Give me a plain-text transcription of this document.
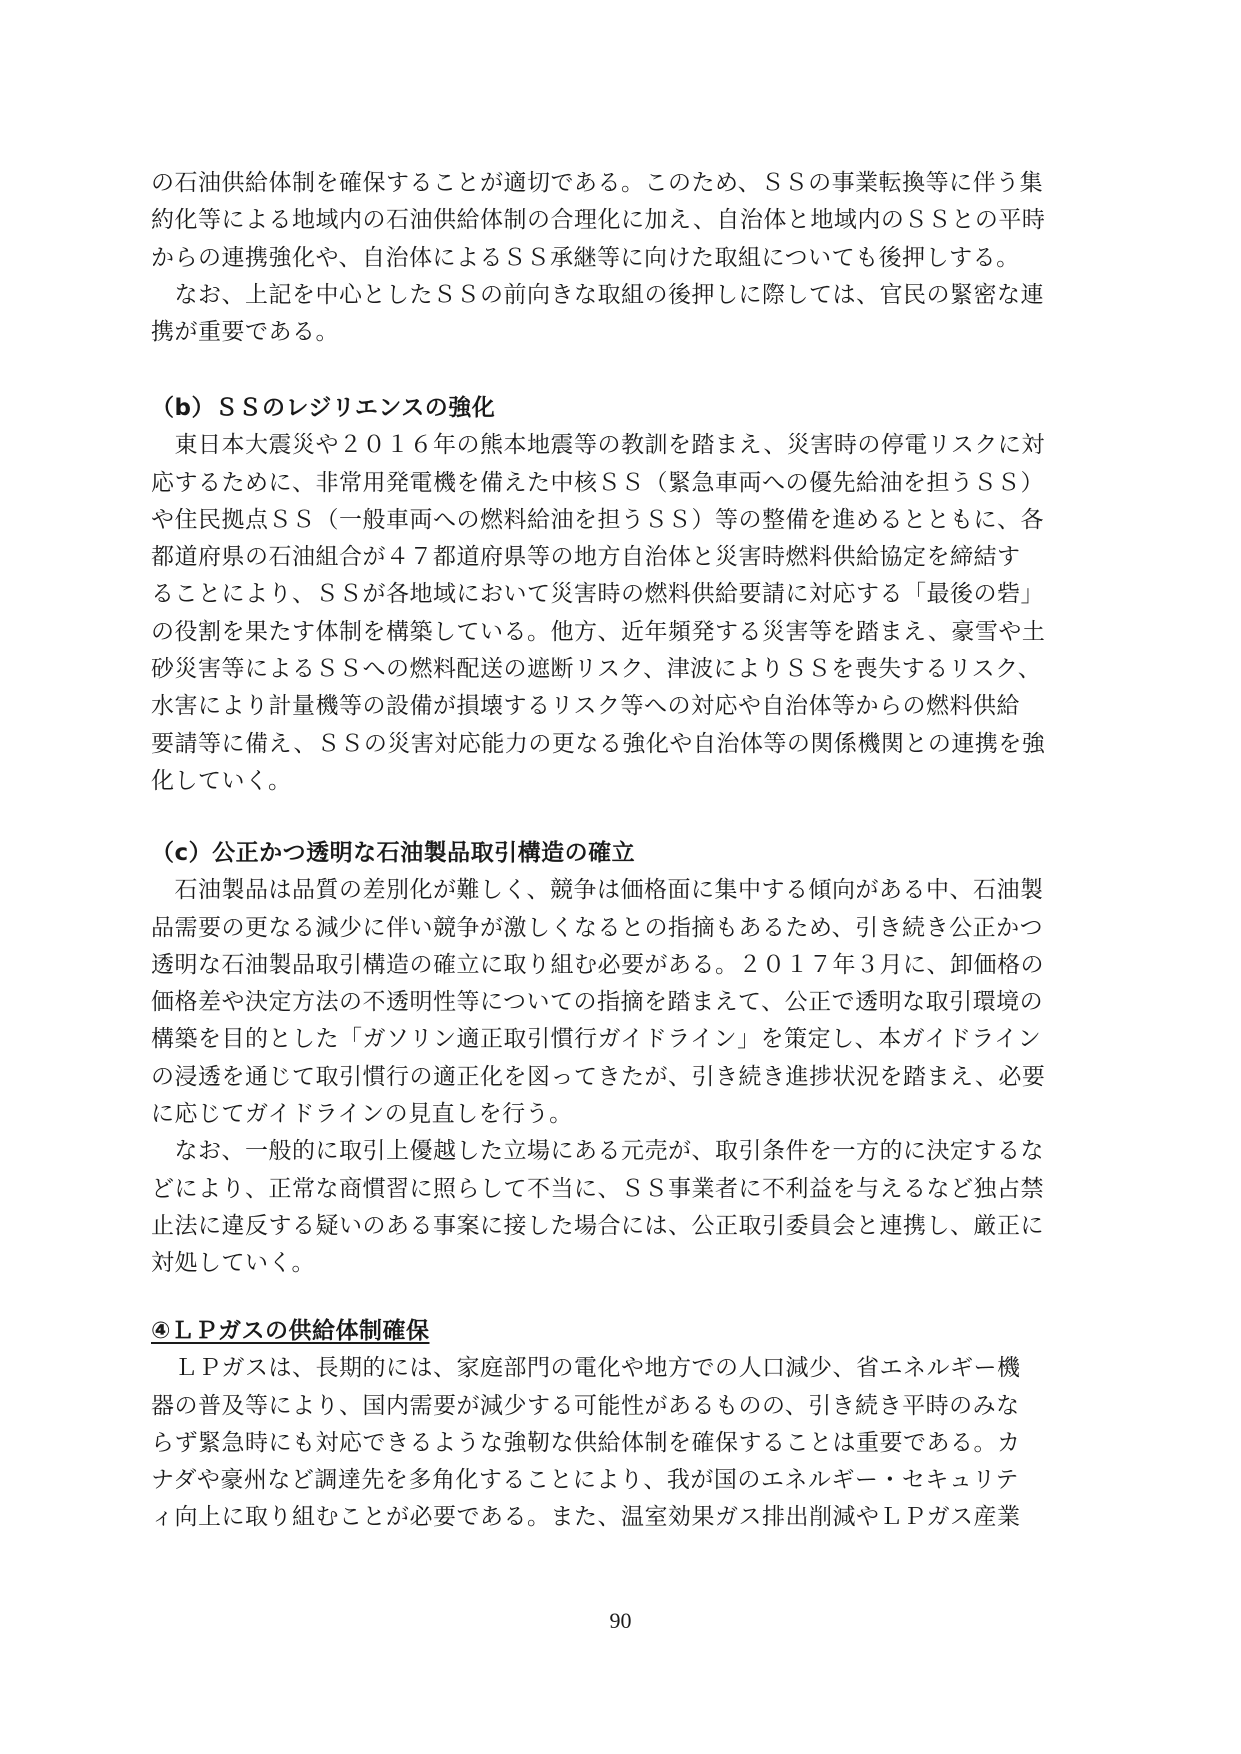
の石油供給体制を確保することが適切である。このため、ＳＳの事業転換等に伴う集
約化等による地域内の石油供給体制の合理化に加え、自治体と地域内のＳＳとの平時
からの連携強化や、自治体によるＳＳ承継等に向けた取組についても後押しする。
　なお、上記を中心としたＳＳの前向きな取組の後押しに際しては、官民の緊密な連
携が重要である。
（b）ＳＳのレジリエンスの強化
　東日本大震災や２０１６年の熊本地震等の教訓を踏まえ、災害時の停電リスクに対
応するために、非常用発電機を備えた中核ＳＳ（緊急車両への優先給油を担うＳＳ）
や住民拠点ＳＳ（一般車両への燃料給油を担うＳＳ）等の整備を進めるとともに、各
都道府県の石油組合が４７都道府県等の地方自治体と災害時燃料供給協定を締結す
ることにより、ＳＳが各地域において災害時の燃料供給要請に対応する「最後の砦」
の役割を果たす体制を構築している。他方、近年頻発する災害等を踏まえ、豪雪や土
砂災害等によるＳＳへの燃料配送の遮断リスク、津波によりＳＳを喪失するリスク、
水害により計量機等の設備が損壊するリスク等への対応や自治体等からの燃料供給
要請等に備え、ＳＳの災害対応能力の更なる強化や自治体等の関係機関との連携を強
化していく。
（c）公正かつ透明な石油製品取引構造の確立
　石油製品は品質の差別化が難しく、競争は価格面に集中する傾向がある中、石油製
品需要の更なる減少に伴い競争が激しくなるとの指摘もあるため、引き続き公正かつ
透明な石油製品取引構造の確立に取り組む必要がある。２０１７年３月に、卸価格の
価格差や決定方法の不透明性等についての指摘を踏まえて、公正で透明な取引環境の
構築を目的とした「ガソリン適正取引慣行ガイドライン」を策定し、本ガイドライン
の浸透を通じて取引慣行の適正化を図ってきたが、引き続き進捗状況を踏まえ、必要
に応じてガイドラインの見直しを行う。
　なお、一般的に取引上優越した立場にある元売が、取引条件を一方的に決定するな
どにより、正常な商慣習に照らして不当に、ＳＳ事業者に不利益を与えるなど独占禁
止法に違反する疑いのある事案に接した場合には、公正取引委員会と連携し、厳正に
対処していく。
④ＬＰガスの供給体制確保
　ＬＰガスは、長期的には、家庭部門の電化や地方での人口減少、省エネルギー機
器の普及等により、国内需要が減少する可能性があるものの、引き続き平時のみな
らず緊急時にも対応できるような強靭な供給体制を確保することは重要である。カ
ナダや豪州など調達先を多角化することにより、我が国のエネルギー・セキュリテ
ィ向上に取り組むことが必要である。また、温室効果ガス排出削減やＬＰガス産業
90
